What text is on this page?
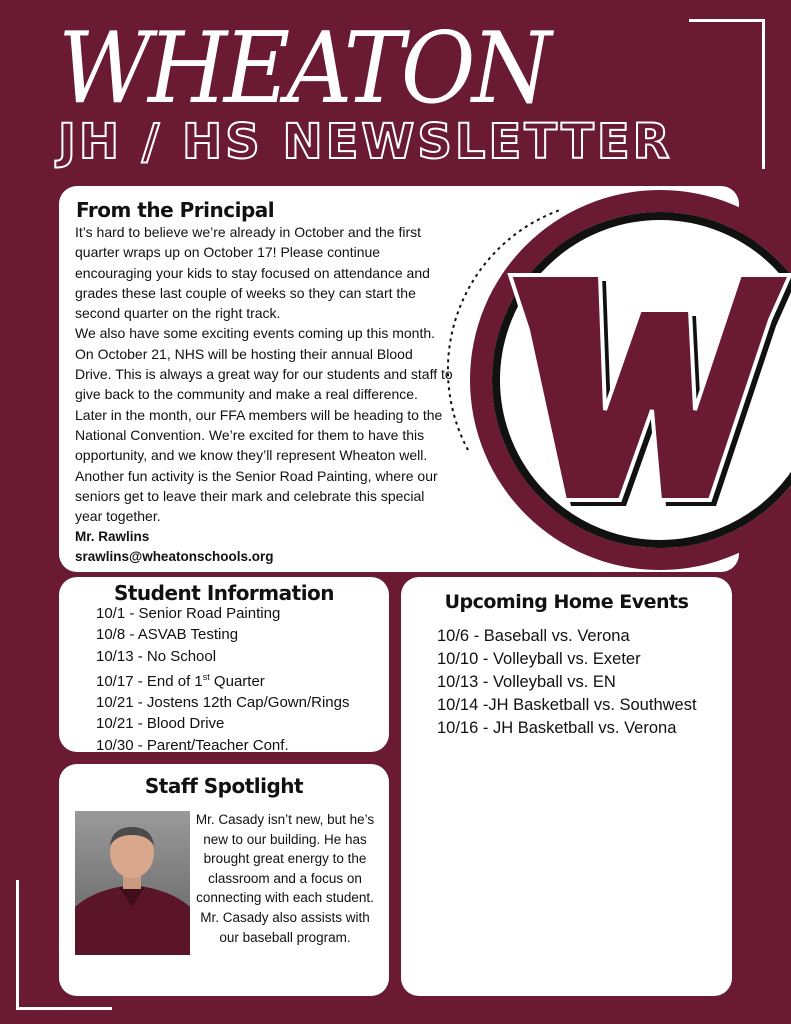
WHEATON
JH / HS NEWSLETTER
From the Principal

It’s hard to believe we’re already in October and the first quarter wraps up on October 17! Please continue encouraging your kids to stay focused on attendance and grades these last couple of weeks so they can start the second quarter on the right track.

We also have some exciting events coming up this month. On October 21, NHS will be hosting their annual Blood Drive. This is always a great way for our students and staff to give back to the community and make a real difference. Later in the month, our FFA members will be heading to the National Convention. We’re excited for them to have this opportunity, and we know they’ll represent Wheaton well. Another fun activity is the Senior Road Painting, where our seniors get to leave their mark and celebrate this special year together.

Mr. Rawlins
srawlins@wheatonschools.org
Student Information
10/1 - Senior Road Painting
10/8 - ASVAB Testing
10/13 - No School
10/17 - End of 1st Quarter
10/21 - Jostens 12th Cap/Gown/Rings
10/21 - Blood Drive
10/30 - Parent/Teacher Conf.
Upcoming Home Events
10/6 - Baseball vs. Verona
10/10 - Volleyball vs. Exeter
10/13 - Volleyball vs. EN
10/14 -JH Basketball vs. Southwest
10/16 - JH Basketball vs. Verona
Staff Spotlight
Mr. Casady isn’t new, but he’s new to our building. He has brought great energy to the classroom and a focus on connecting with each student. Mr. Casady also assists with our baseball program.
